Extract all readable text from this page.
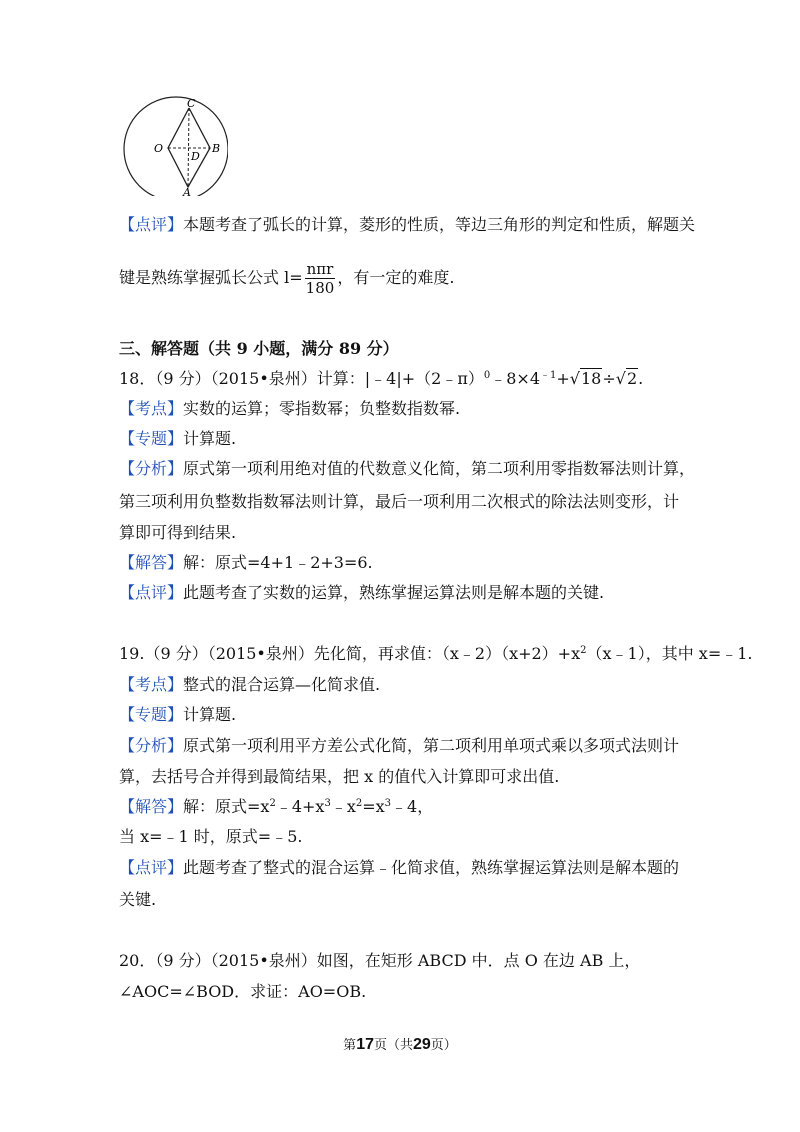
C
O
D
B
A
【点评】本题考查了弧长的计算，菱形的性质，等边三角形的判定和性质，解题关
键是熟练掌握弧长公式 $l= \frac{\text{nπr}}{180}$ ，有一定的难度.
三、解答题（共 9 小题，满分 89 分）
18．（9 分）（2015•泉州）计算：$|﹣4|+(2﹣\pi)^0﹣8\times 4^{﹣1}+√18\div√2$.
【考点】实数的运算；零指数幂；负整数指数幂.
【专题】计算题.
【分析】原式第一项利用绝对值的代数意义化简，第二项利用零指数幂法则计算，
第三项利用负整数指数幂法则计算，最后一项利用二次根式的除法法则变形，计
算即可得到结果.
【解答】解：原式=4+1﹣2+3=6.
【点评】此题考查了实数的运算，熟练掌握运算法则是解本题的关键.
19.（9 分）（2015•泉州）先化简，再求值：$(x﹣2)(x+2)+x^2(x﹣1)$，其中 x=﹣1.
【考点】整式的混合运算—化简求值.
【专题】计算题.
【分析】原式第一项利用平方差公式化简，第二项利用单项式乘以多项式法则计
算，去括号合并得到最简结果，把 x 的值代入计算即可求出值.
【解答】解：原式$=x^2﹣4+x^3﹣x^2=x^3﹣4$，
当 x=﹣1 时，原式=﹣5.
【点评】此题考查了整式的混合运算﹣化简求值，熟练掌握运算法则是解本题的
关键.
20．（9 分）（2015•泉州）如图，在矩形 ABCD 中．点 O 在边 AB 上，
∠AOC=∠BOD．求证：AO=OB.
第17页（共29页）
